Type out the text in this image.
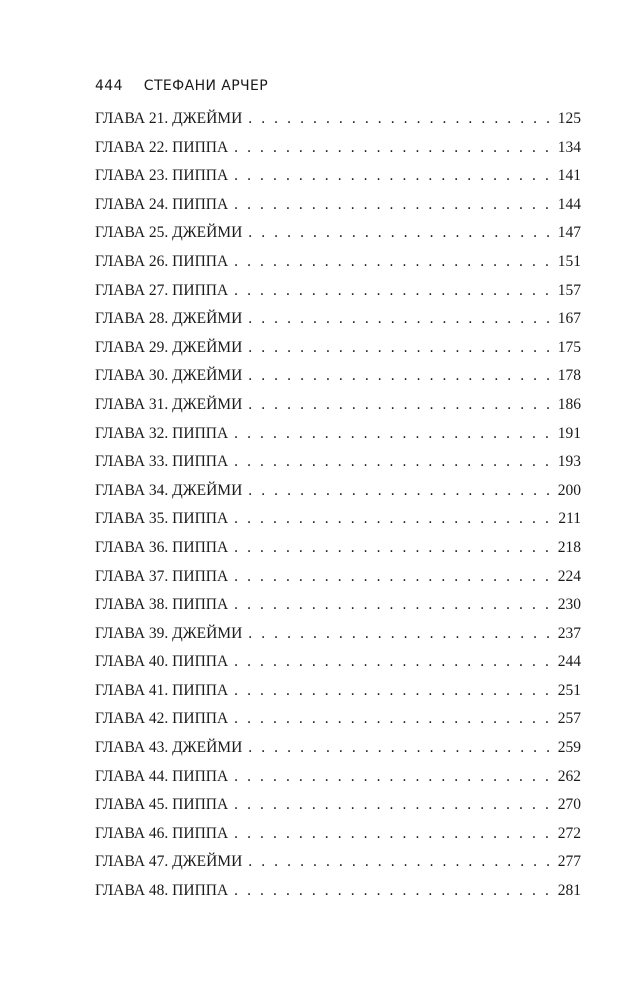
444 СТЕФАНИ АРЧЕР
ГЛАВА 21. ДЖЕЙМИ . . .	125
ГЛАВА 22. ПИППА . . .	134
ГЛАВА 23. ПИППА . . .	141
ГЛАВА 24. ПИППА . . .	144
ГЛАВА 25. ДЖЕЙМИ . . .	147
ГЛАВА 26. ПИППА . . .	151
ГЛАВА 27. ПИППА . . .	157
ГЛАВА 28. ДЖЕЙМИ . . .	167
ГЛАВА 29. ДЖЕЙМИ . . .	175
ГЛАВА 30. ДЖЕЙМИ . . .	178
ГЛАВА 31. ДЖЕЙМИ . . .	186
ГЛАВА 32. ПИППА . . .	191
ГЛАВА 33. ПИППА . . .	193
ГЛАВА 34. ДЖЕЙМИ . . .	200
ГЛАВА 35. ПИППА . . .	211
ГЛАВА 36. ПИППА . . .	218
ГЛАВА 37. ПИППА . . .	224
ГЛАВА 38. ПИППА . . .	230
ГЛАВА 39. ДЖЕЙМИ . . .	237
ГЛАВА 40. ПИППА . . .	244
ГЛАВА 41. ПИППА . . .	251
ГЛАВА 42. ПИППА . . .	257
ГЛАВА 43. ДЖЕЙМИ . . .	259
ГЛАВА 44. ПИППА . . .	262
ГЛАВА 45. ПИППА . . .	270
ГЛАВА 46. ПИППА . . .	272
ГЛАВА 47. ДЖЕЙМИ . . .	277
ГЛАВА 48. ПИППА . . .	281
